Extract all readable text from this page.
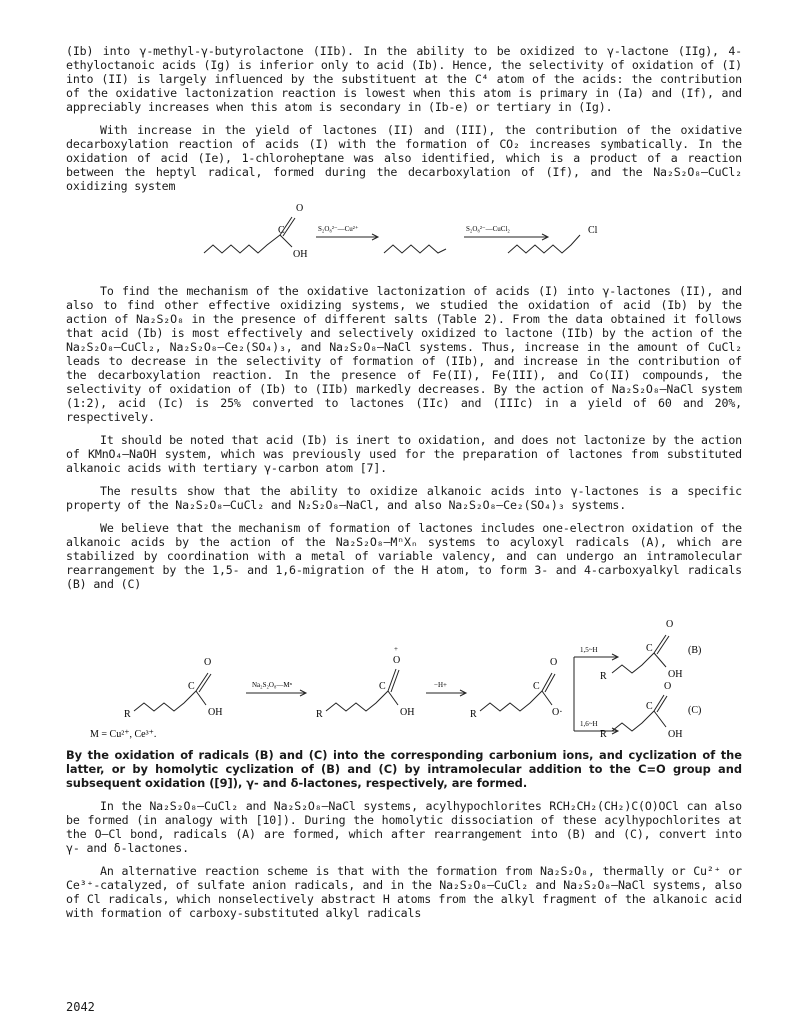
(Ib) into γ-methyl-γ-butyrolactone (IIb). In the ability to be oxidized to γ-lactone (IIg), 4-ethyloctanoic acids (Ig) is inferior only to acid (Ib). Hence, the selectivity of oxidation of (I) into (II) is largely influenced by the substituent at the C⁴ atom of the acids: the contribution of the oxidative lactonization reaction is lowest when this atom is primary in (Ia) and (If), and appreciably increases when this atom is secondary in (Ib-e) or tertiary in (Ig).

With increase in the yield of lactones (II) and (III), the contribution of the oxidative decarboxylation reaction of acids (I) with the formation of CO₂ increases symbatically. In the oxidation of acid (Ie), 1-chloroheptane was also identified, which is a product of a reaction between the heptyl radical, formed during the decarboxylation of (If), and the Na₂S₂O₈–CuCl₂ oxidizing system

O
C
OH
S₂O₈²⁻—Cu²⁺	S₂O₈²⁻—CuCl₂	Cl

To find the mechanism of the oxidative lactonization of acids (I) into γ-lactones (II), and also to find other effective oxidizing systems, we studied the oxidation of acid (Ib) by the action of Na₂S₂O₈ in the presence of different salts (Table 2). From the data obtained it follows that acid (Ib) is most effectively and selectively oxidized to lactone (IIb) by the action of the Na₂S₂O₈–CuCl₂, Na₂S₂O₈–Ce₂(SO₄)₃, and Na₂S₂O₈–NaCl systems. Thus, increase in the amount of CuCl₂ leads to decrease in the selectivity of formation of (IIb), and increase in the contribution of the decarboxylation reaction. In the presence of Fe(II), Fe(III), and Co(II) compounds, the selectivity of oxidation of (Ib) to (IIb) markedly decreases. By the action of Na₂S₂O₈–NaCl system (1:2), acid (Ic) is 25% converted to lactones (IIc) and (IIIc) in a yield of 60 and 20%, respectively.

It should be noted that acid (Ib) is inert to oxidation, and does not lactonize by the action of KMnO₄–NaOH system, which was previously used for the preparation of lactones from substituted alkanoic acids with tertiary γ-carbon atom [7].

The results show that the ability to oxidize alkanoic acids into γ-lactones is a specific property of the Na₂S₂O₈–CuCl₂ and N₂S₂O₈–NaCl, and also Na₂S₂O₈–Ce₂(SO₄)₃ systems.

We believe that the mechanism of formation of lactones includes one-electron oxidation of the alkanoic acids by the action of the Na₂S₂O₈–MⁿXₙ systems to acyloxyl radicals (A), which are stabilized by coordination with a metal of variable valency, and can undergo an intramolecular rearrangement by the 1,5- and 1,6-migration of the H atom, to form 3- and 4-carboxyalkyl radicals (B) and (C)

R
O
C
OH
Na₂S₂O₈—Mⁿ
R
+
O
C
OH
−H+
R
O
C
O·
1,5~H
1,6~H
R
O
C
OH
(B)
R
O
C
OH
(C)
M = Cu²⁺, Ce³⁺.

By the oxidation of radicals (B) and (C) into the corresponding carbonium ions, and cyclization of the latter, or by homolytic cyclization of (B) and (C) by intramolecular addition to the C=O group and subsequent oxidation ([9]), γ- and δ-lactones, respectively, are formed.

In the Na₂S₂O₈–CuCl₂ and Na₂S₂O₈–NaCl systems, acylhypochlorites RCH₂CH₂(CH₂)C(O)OCl can also be formed (in analogy with [10]). During the homolytic dissociation of these acylhypochlorites at the O–Cl bond, radicals (A) are formed, which after rearrangement into (B) and (C), convert into γ- and δ-lactones.

An alternative reaction scheme is that with the formation from Na₂S₂O₈, thermally or Cu²⁺ or Ce³⁺-catalyzed, of sulfate anion radicals, and in the Na₂S₂O₈–CuCl₂ and Na₂S₂O₈–NaCl systems, also of Cl radicals, which nonselectively abstract H atoms from the alkyl fragment of the alkanoic acid with formation of carboxy-substituted alkyl radicals

2042
